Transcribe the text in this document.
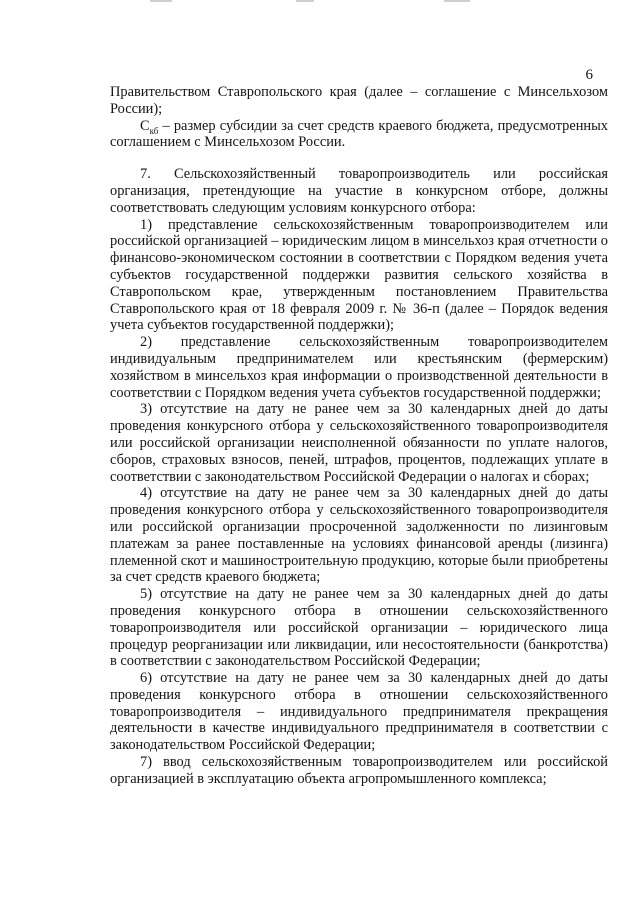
6

Правительством Ставропольского края (далее – соглашение с Минсельхозом России);

$С_{кб}$ – размер субсидии за счет средств краевого бюджета, предусмотренных соглашением с Минсельхозом России.

7. Сельскохозяйственный товаропроизводитель или российская организация, претендующие на участие в конкурсном отборе, должны соответствовать следующим условиям конкурсного отбора:

1) представление сельскохозяйственным товаропроизводителем или российской организацией – юридическим лицом в минсельхоз края отчетности о финансово-экономическом состоянии в соответствии с Порядком ведения учета субъектов государственной поддержки развития сельского хозяйства в Ставропольском крае, утвержденным постановлением Правительства Ставропольского края от 18 февраля 2009 г. № 36-п (далее – Порядок ведения учета субъектов государственной поддержки);

2) представление сельскохозяйственным товаропроизводителем индивидуальным предпринимателем или крестьянским (фермерским) хозяйством в минсельхоз края информации о производственной деятельности в соответствии с Порядком ведения учета субъектов государственной поддержки;

3) отсутствие на дату не ранее чем за 30 календарных дней до даты проведения конкурсного отбора у сельскохозяйственного товаропроизводителя или российской организации неисполненной обязанности по уплате налогов, сборов, страховых взносов, пеней, штрафов, процентов, подлежащих уплате в соответствии с законодательством Российской Федерации о налогах и сборах;

4) отсутствие на дату не ранее чем за 30 календарных дней до даты проведения конкурсного отбора у сельскохозяйственного товаропроизводителя или российской организации просроченной задолженности по лизинговым платежам за ранее поставленные на условиях финансовой аренды (лизинга) племенной скот и машиностроительную продукцию, которые были приобретены за счет средств краевого бюджета;

5) отсутствие на дату не ранее чем за 30 календарных дней до даты проведения конкурсного отбора в отношении сельскохозяйственного товаропроизводителя или российской организации – юридического лица процедур реорганизации или ликвидации, или несостоятельности (банкротства) в соответствии с законодательством Российской Федерации;

6) отсутствие на дату не ранее чем за 30 календарных дней до даты проведения конкурсного отбора в отношении сельскохозяйственного товаропроизводителя – индивидуального предпринимателя прекращения деятельности в качестве индивидуального предпринимателя в соответствии с законодательством Российской Федерации;

7) ввод сельскохозяйственным товаропроизводителем или российской организацией в эксплуатацию объекта агропромышленного комплекса;
